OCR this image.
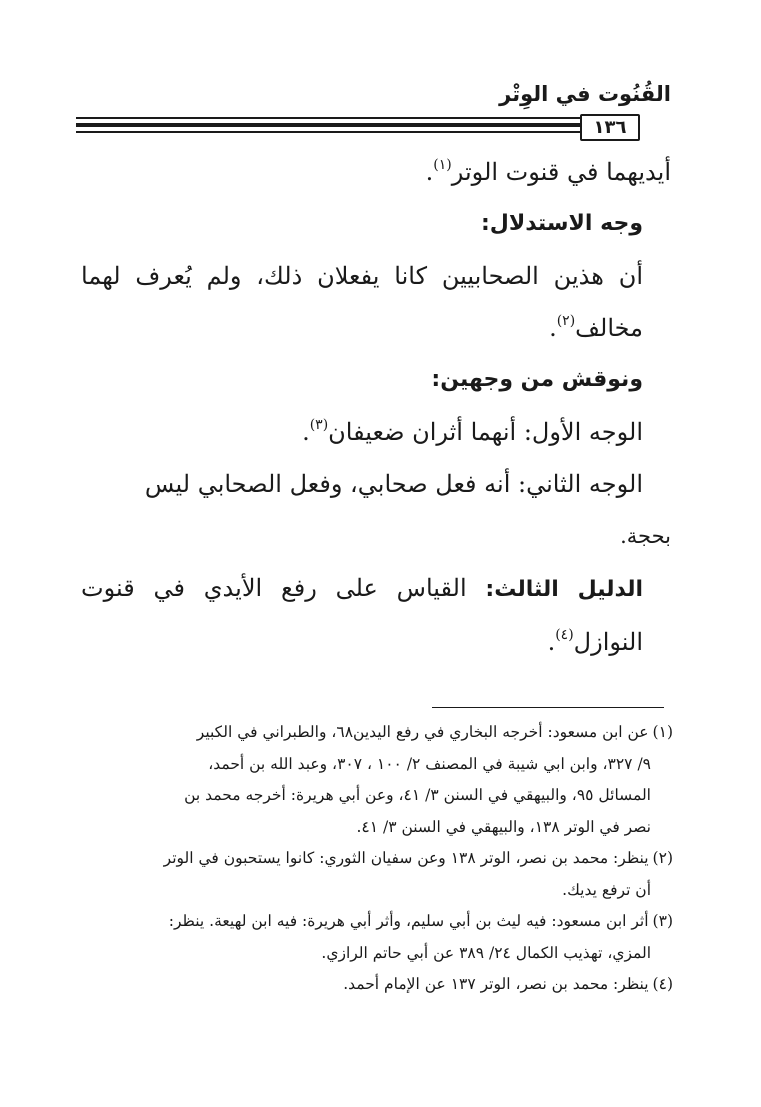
القُنُوت في الوِتْر
١٣٦

أيديهما في قنوت الوتر$^{(١)}$.

وجه الاستدلال:

أن هذين الصحابيين كانا يفعلان ذلك، ولم يُعرف لهما مخالف$^{(٢)}$.

ونوقش من وجهين:

الوجه الأول: أنهما أثران ضعيفان$^{(٣)}$.

الوجه الثاني: أنه فعل صحابي، وفعل الصحابي ليس

بحجة.

الدليل الثالث: القياس على رفع الأيدي في قنوت النوازل$^{(٤)}$.

(١)عن ابن مسعود: أخرجه البخاري في رفع اليدين٦٨، والطبراني في الكبير

٩/ ٣٢٧، وابن ابي شيبة في المصنف ٢/ ١٠٠ ، ٣٠٧، وعبد الله بن أحمد،

المسائل ٩٥، والبيهقي في السنن ٣/ ٤١، وعن أبي هريرة: أخرجه محمد بن

نصر في الوتر ١٣٨، والبيهقي في السنن ٣/ ٤١.

(٢)ينظر: محمد بن نصر، الوتر ١٣٨ وعن سفيان الثوري: كانوا يستحبون في الوتر

أن ترفع يديك.

(٣)أثر ابن مسعود: فيه ليث بن أبي سليم، وأثر أبي هريرة: فيه ابن لهيعة. ينظر:

المزي، تهذيب الكمال ٢٤/ ٣٨٩ عن أبي حاتم الرازي.

(٤)ينظر: محمد بن نصر، الوتر ١٣٧ عن الإمام أحمد.
